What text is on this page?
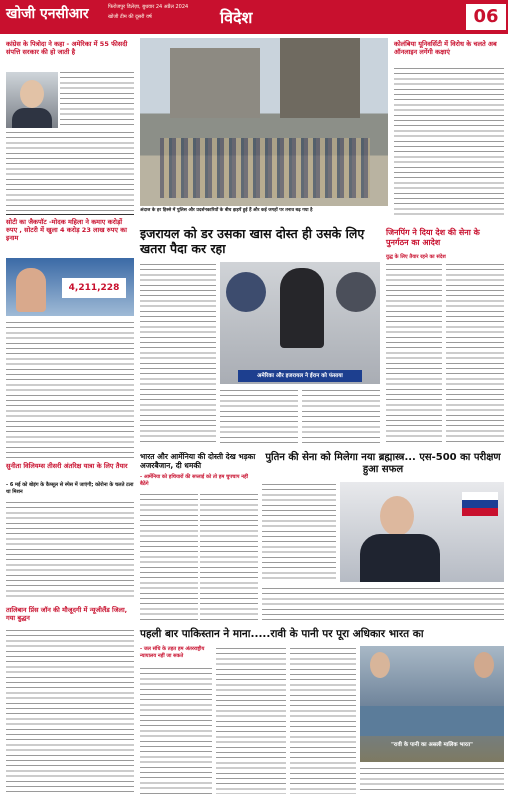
खोजी एनसीआर	फिरोजपुर डिलेज़ा, बुधवार 24 अप्रैल 2024
खोजी टीम की दूसरी वर्ष	विदेश	06
कांग्रेस के पित्रोदा ने कहा - अमेरिका में 55 फीसदी संपत्ति सरकार की हो जाती है
अंदाज के हर हिस्से में पुलिस और प्रदर्शनकारियों के बीच झड़पें हुई हैं और कई जगहों पर तनाव बढ़ गया है
कोलंबिया यूनिवर्सिटी में विरोध के चलते अब ऑनलाइन लगेंगी कक्षाएं
इजरायल को डर उसका खास दोस्त ही उसके लिए खतरा पैदा कर रहा
अमेरिका और इजरायल ने ईरान को फंसाया
जिनपिंग ने दिया देश की सेना के पुनर्गठन का आदेश
युद्ध के लिए तैयार रहने का संदेश
सोटी का जैकपॉट -मोदक महिला ने कमाए करोड़ों रुपए , सोटरी में खुला 4 करोड़ 23 लाख रुपए का इनाम
4,211,228
सुनीता विलियम्स तीसरी अंतरिक्ष यात्रा के लिए तैयार
- 6 मई को बोइंग के कैप्सूल से स्पेस में जाएंगी; कोरोना के चलते टला था मिशन
तालिबान प्रिंस जॉन की मौजूदगी में न्यूजीलैंड जिला, गया बुद्धन
भारत और आर्मेनिया की दोस्ती देख भड़का अजरबैजान, दी धमकी
- आर्मेनिया को हथियारों की सप्लाई को तो हम चुपचाप नहीं बैठेंगे
पुतिन की सेना को मिलेगा नया ब्रह्मास्त्र... एस-500 का परीक्षण हुआ सफल
पहली बार पाकिस्तान ने माना.....रावी के पानी पर पूरा अधिकार भारत का
- जल संधि के तहत हम अंतरराष्ट्रीय न्यायालय नहीं जा सकते
"रावी के पानी का असली मालिक भारत"
